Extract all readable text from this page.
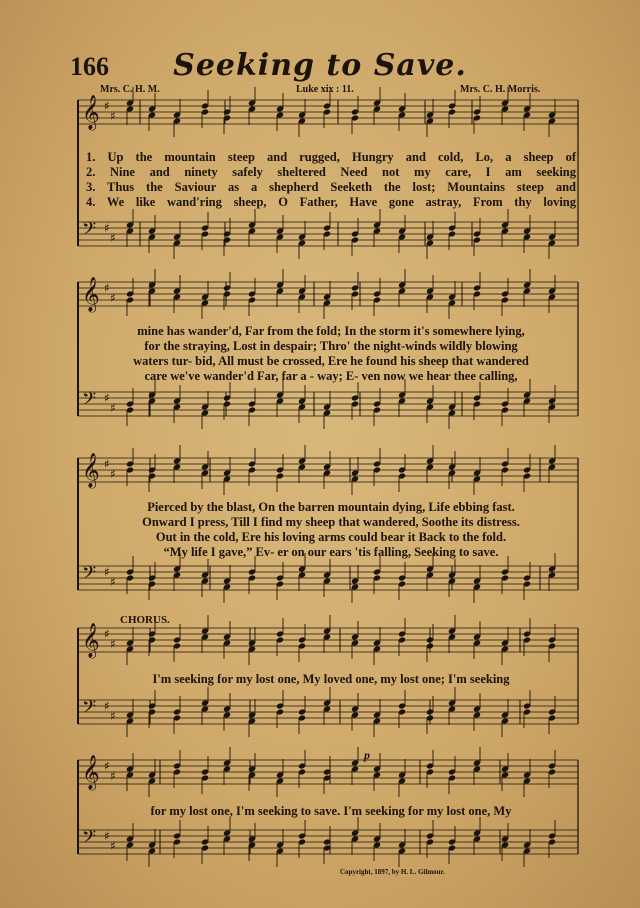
166	Seeking to Save.
Mrs. C. H. M.	Luke xix : 11.	Mrs. C. H. Morris.
𝄞 ♯
♯
𝄢 ♯
♯
𝄞 ♯
♯
𝄢 ♯
♯
𝄞 ♯
♯
𝄢 ♯
♯
𝄞 ♯
♯
𝄢 ♯
♯
𝄞 ♯
♯
𝄢 ♯
♯
1. Up the mountain steep and rugged, Hungry and cold, Lo, a sheep of
2. Nine and ninety safely sheltered Need not my care, I am seeking
3. Thus the Saviour as a shepherd Seeketh the lost; Mountains steep and
4. We like wand'ring sheep, O Father, Have gone astray, From thy loving
mine has wander'd, Far from the fold; In the storm it's somewhere lying,
for the straying, Lost in despair; Thro' the night-winds wildly blowing
waters tur- bid, All must be crossed, Ere he found his sheep that wandered
care we've wander'd Far, far a - way; E- ven now we hear thee calling,
Pierced by the blast, On the barren mountain dying, Life ebbing fast.
Onward I press, Till I find my sheep that wandered, Soothe its distress.
Out in the cold, Ere his loving arms could bear it Back to the fold.
“My life I gave,” Ev- er on our ears 'tis falling, Seeking to save.
CHORUS.
I'm seeking for my lost one, My loved one, my lost one; I'm seeking
p
for my lost one, I'm seeking to save. I'm seeking for my lost one, My
Copyright, 1897, by H. L. Gilmour.
